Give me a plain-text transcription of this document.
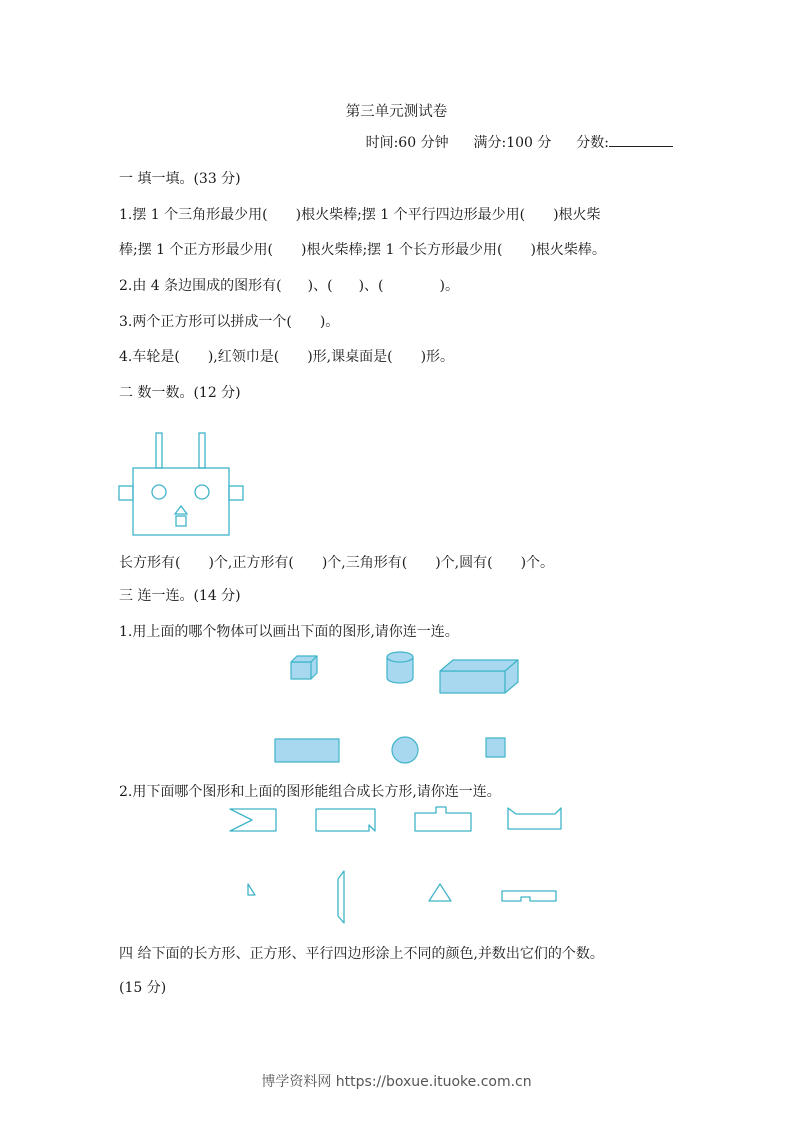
第三单元测试卷
时间:60 分钟 满分:100 分 分数:
一 填一填。(33 分)
1.摆 1 个三角形最少用( )根火柴棒;摆 1 个平行四边形最少用( )根火柴
棒;摆 1 个正方形最少用( )根火柴棒;摆 1 个长方形最少用( )根火柴棒。
2.由 4 条边围成的图形有( )、( )、(	)。
3.两个正方形可以拼成一个( )。
4.车轮是( ),红领巾是( )形,课桌面是( )形。
二 数一数。(12 分)
长方形有( )个,正方形有( )个,三角形有( )个,圆有( )个。
三 连一连。(14 分)
1.用上面的哪个物体可以画出下面的图形,请你连一连。
2.用下面哪个图形和上面的图形能组合成长方形,请你连一连。
四 给下面的长方形、正方形、平行四边形涂上不同的颜色,并数出它们的个数。
(15 分)
博学资料网 https://boxue.ituoke.com.cn
